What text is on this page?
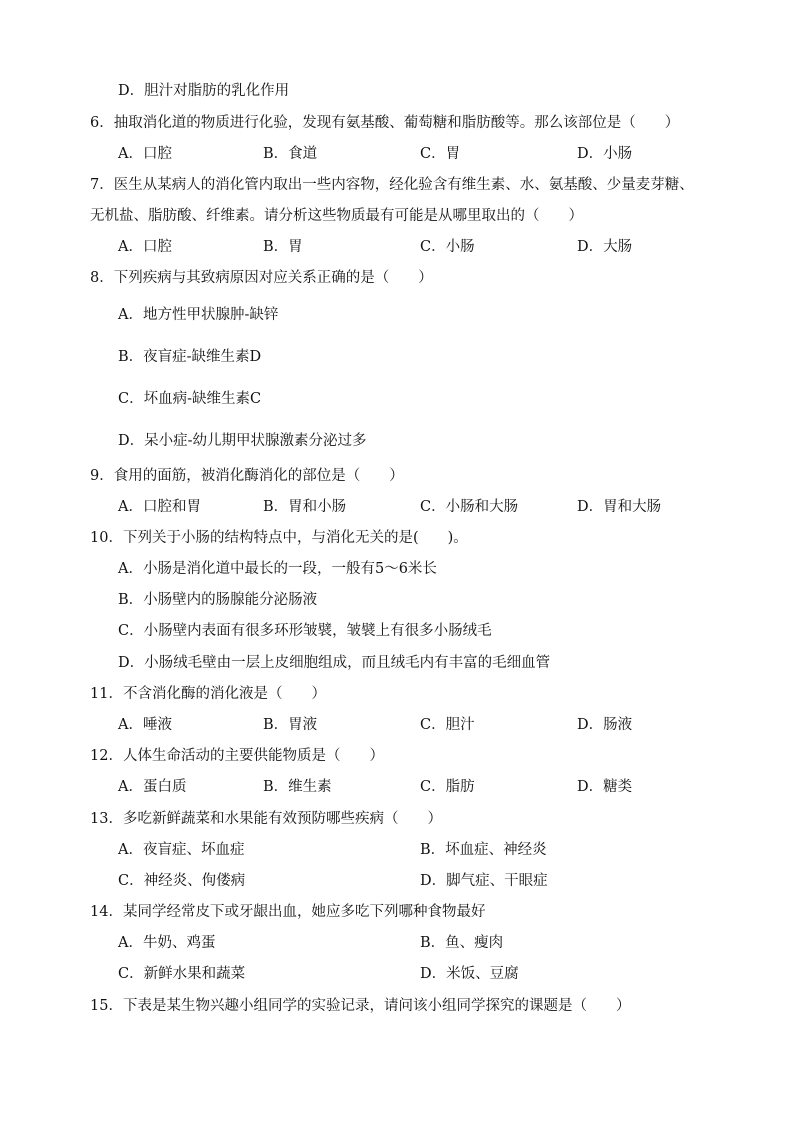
D．胆汁对脂肪的乳化作用
6．抽取消化道的物质进行化验，发现有氨基酸、葡萄糖和脂肪酸等。那么该部位是（　　）
A．口腔	B．食道	C．胃	D．小肠
7．医生从某病人的消化管内取出一些内容物，经化验含有维生素、水、氨基酸、少量麦芽糖、
无机盐、脂肪酸、纤维素。请分析这些物质最有可能是从哪里取出的（　　）
A．口腔	B．胃	C．小肠	D．大肠
8．下列疾病与其致病原因对应关系正确的是（　　）
A．地方性甲状腺肿-缺锌
B．夜盲症-缺维生素D
C．坏血病-缺维生素C
D．呆小症-幼儿期甲状腺激素分泌过多
9．食用的面筋，被消化酶消化的部位是（　　）
A．口腔和胃	B．胃和小肠	C．小肠和大肠	D．胃和大肠
10．下列关于小肠的结构特点中，与消化无关的是(　　)。
A．小肠是消化道中最长的一段，一般有5～6米长
B．小肠壁内的肠腺能分泌肠液
C．小肠壁内表面有很多环形皱襞，皱襞上有很多小肠绒毛
D．小肠绒毛壁由一层上皮细胞组成，而且绒毛内有丰富的毛细血管
11．不含消化酶的消化液是（　　）
A．唾液	B．胃液	C．胆汁	D．肠液
12．人体生命活动的主要供能物质是（　　）
A．蛋白质	B．维生素	C．脂肪	D．糖类
13．多吃新鲜蔬菜和水果能有效预防哪些疾病（　　）
A．夜盲症、坏血症	B．坏血症、神经炎
C．神经炎、佝偻病	D．脚气症、干眼症
14．某同学经常皮下或牙龈出血，她应多吃下列哪种食物最好
A．牛奶、鸡蛋	B．鱼、瘦肉
C．新鲜水果和蔬菜	D．米饭、豆腐
15．下表是某生物兴趣小组同学的实验记录，请问该小组同学探究的课题是（　　）
